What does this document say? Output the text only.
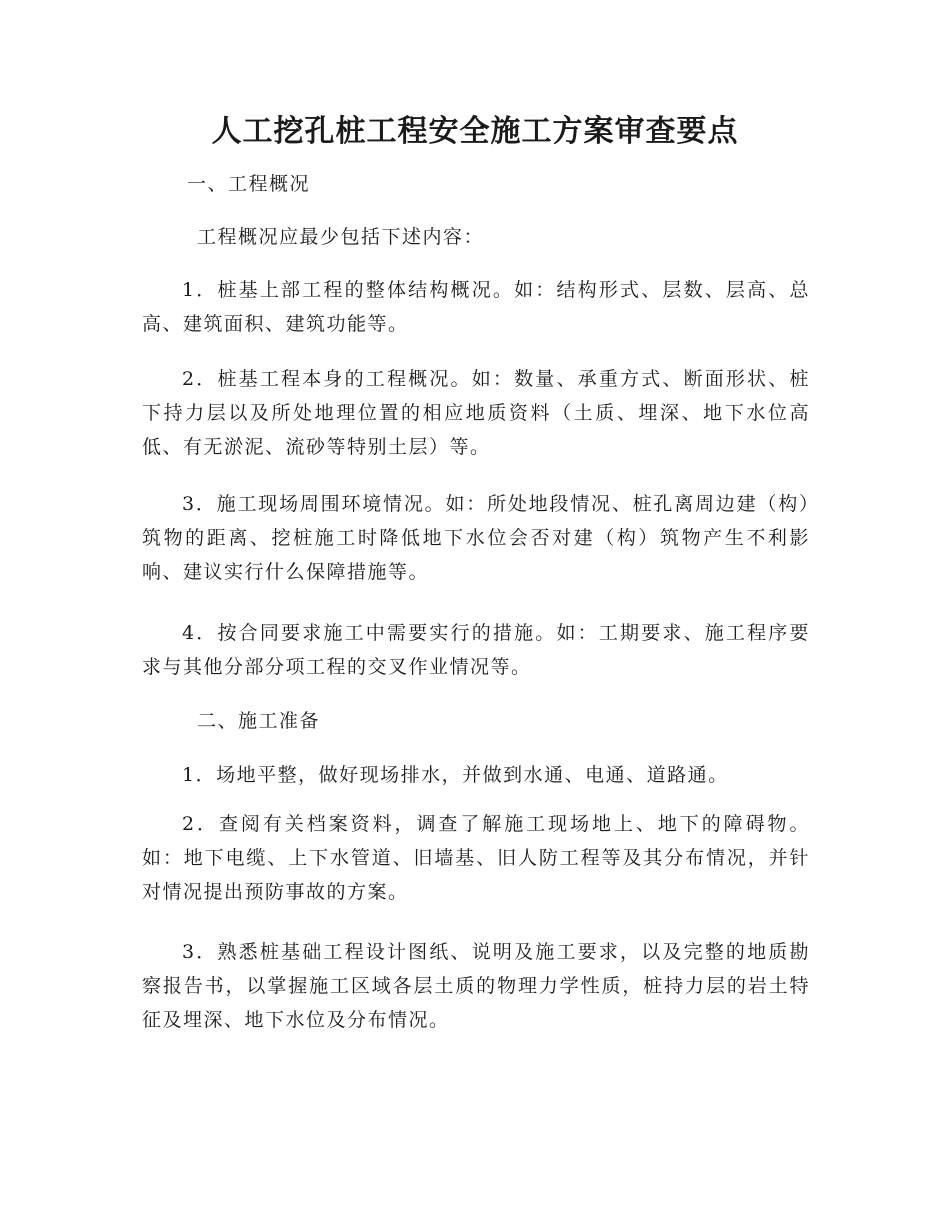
人工挖孔桩工程安全施工方案审查要点

一、工程概况

工程概况应最少包括下述内容：

1．桩基上部工程的整体结构概况。如：结构形式、层数、层高、总高、建筑面积、建筑功能等。

2．桩基工程本身的工程概况。如：数量、承重方式、断面形状、桩下持力层以及所处地理位置的相应地质资料（土质、埋深、地下水位高低、有无淤泥、流砂等特别土层）等。

3．施工现场周围环境情况。如：所处地段情况、桩孔离周边建（构）筑物的距离、挖桩施工时降低地下水位会否对建（构）筑物产生不利影响、建议实行什么保障措施等。

4．按合同要求施工中需要实行的措施。如：工期要求、施工程序要求与其他分部分项工程的交叉作业情况等。

二、施工准备

1．场地平整，做好现场排水，并做到水通、电通、道路通。

2．查阅有关档案资料，调查了解施工现场地上、地下的障碍物。如：地下电缆、上下水管道、旧墙基、旧人防工程等及其分布情况，并针对情况提出预防事故的方案。

3．熟悉桩基础工程设计图纸、说明及施工要求，以及完整的地质勘察报告书，以掌握施工区域各层土质的物理力学性质，桩持力层的岩土特征及埋深、地下水位及分布情况。
